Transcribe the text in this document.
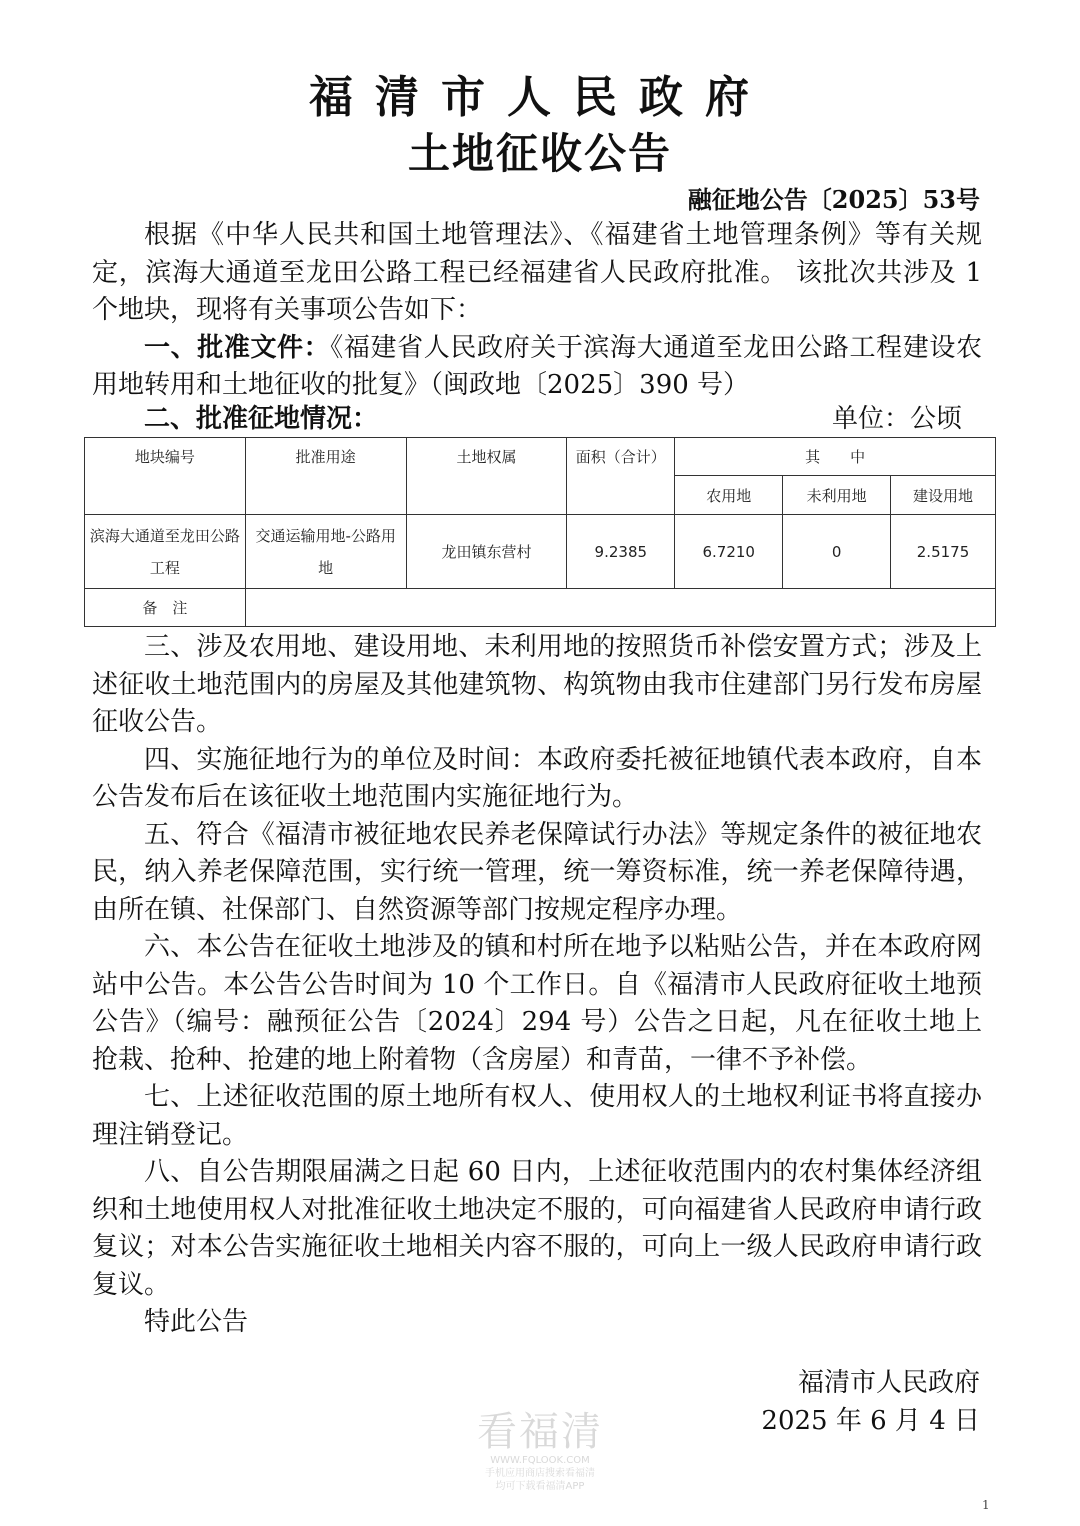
福清市人民政府
土地征收公告
融征地公告〔2025〕53号

根据《中华人民共和国土地管理法》、《福建省土地管理条例》等有关规定，滨海大通道至龙田公路工程已经福建省人民政府批准。 该批次共涉及 1 个地块，现将有关事项公告如下：

一、批准文件：《福建省人民政府关于滨海大通道至龙田公路工程建设农用地转用和土地征收的批复》（闽政地〔2025〕390 号）

二、批准征地情况：	单位：公顷
地块编号	批准用途	土地权属	面积（合计）	其　　中		
				农用地	未利用地	建设用地
滨海大通道至龙田公路工程	交通运输用地-公路用地	龙田镇东营村	9.2385	6.7210	0	2.5175
备　注						

三、涉及农用地、建设用地、未利用地的按照货币补偿安置方式；涉及上述征收土地范围内的房屋及其他建筑物、构筑物由我市住建部门另行发布房屋征收公告。

四、实施征地行为的单位及时间：本政府委托被征地镇代表本政府，自本公告发布后在该征收土地范围内实施征地行为。

五、符合《福清市被征地农民养老保障试行办法》等规定条件的被征地农民，纳入养老保障范围，实行统一管理，统一筹资标准，统一养老保障待遇，由所在镇、社保部门、自然资源等部门按规定程序办理。

六、本公告在征收土地涉及的镇和村所在地予以粘贴公告，并在本政府网站中公告。本公告公告时间为 10 个工作日。自《福清市人民政府征收土地预公告》（编号：融预征公告〔2024〕294 号）公告之日起，凡在征收土地上抢栽、抢种、抢建的地上附着物（含房屋）和青苗，一律不予补偿。

七、上述征收范围的原土地所有权人、使用权人的土地权利证书将直接办理注销登记。

八、自公告期限届满之日起 60 日内，上述征收范围内的农村集体经济组织和土地使用权人对批准征收土地决定不服的，可向福建省人民政府申请行政复议；对本公告实施征收土地相关内容不服的，可向上一级人民政府申请行政复议。

特此公告

福清市人民政府
2025 年 6 月 4 日
看福清
WWW.FQLOOK.COM
手机应用商店搜索看福清
均可下载看福清APP
1
